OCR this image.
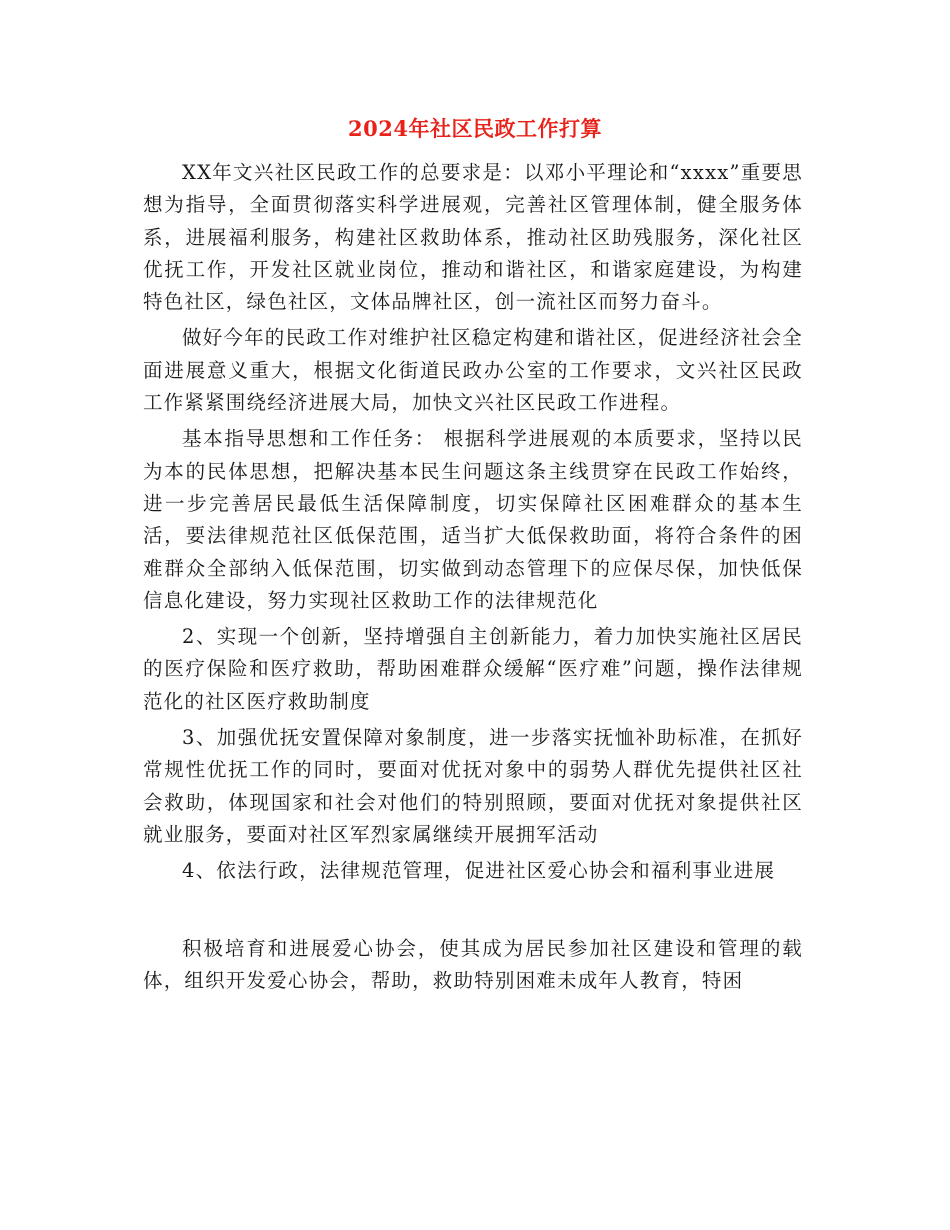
2024年社区民政工作打算

XX年文兴社区民政工作的总要求是：以邓小平理论和“xxxx”重要思想为指导，全面贯彻落实科学进展观，完善社区管理体制，健全服务体系，进展福利服务，构建社区救助体系，推动社区助残服务，深化社区优抚工作，开发社区就业岗位，推动和谐社区，和谐家庭建设，为构建特色社区，绿色社区，文体品牌社区，创一流社区而努力奋斗。

做好今年的民政工作对维护社区稳定构建和谐社区，促进经济社会全面进展意义重大，根据文化街道民政办公室的工作要求，文兴社区民政工作紧紧围绕经济进展大局，加快文兴社区民政工作进程。

基本指导思想和工作任务： 根据科学进展观的本质要求，坚持以民为本的民体思想，把解决基本民生问题这条主线贯穿在民政工作始终，进一步完善居民最低生活保障制度，切实保障社区困难群众的基本生活，要法律规范社区低保范围，适当扩大低保救助面，将符合条件的困难群众全部纳入低保范围，切实做到动态管理下的应保尽保，加快低保信息化建设，努力实现社区救助工作的法律规范化

2、实现一个创新，坚持增强自主创新能力，着力加快实施社区居民的医疗保险和医疗救助，帮助困难群众缓解“医疗难”问题，操作法律规范化的社区医疗救助制度

3、加强优抚安置保障对象制度，进一步落实抚恤补助标准，在抓好常规性优抚工作的同时，要面对优抚对象中的弱势人群优先提供社区社会救助，体现国家和社会对他们的特别照顾，要面对优抚对象提供社区就业服务，要面对社区军烈家属继续开展拥军活动

4、依法行政，法律规范管理，促进社区爱心协会和福利事业进展

积极培育和进展爱心协会，使其成为居民参加社区建设和管理的载体，组织开发爱心协会，帮助，救助特别困难未成年人教育，特困
